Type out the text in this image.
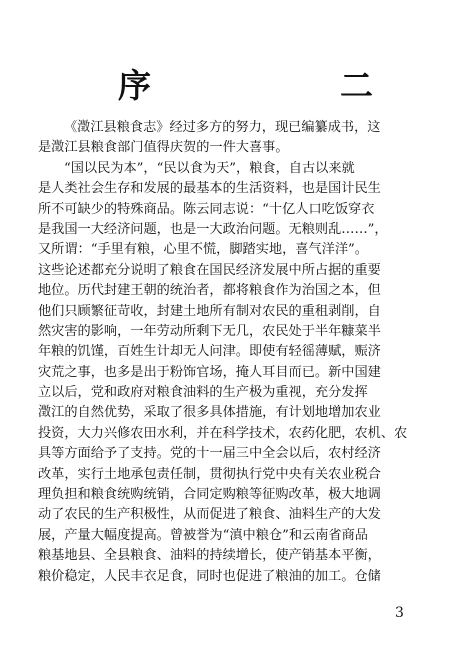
序	二
《澂江县粮食志》经过多方的努力，现已编纂成书，这
是澂江县粮食部门值得庆贺的一件大喜事。
“国以民为本”，“民以食为天”，粮食，自古以来就
是人类社会生存和发展的最基本的生活资料，也是国计民生
所不可缺少的特殊商品。陈云同志说：“十亿人口吃饭穿衣
是我国一大经济问题，也是一大政治问题。无粮则乱……”，
又所谓：“手里有粮，心里不慌，脚踏实地，喜气洋洋”。
这些论述都充分说明了粮食在国民经济发展中所占据的重要
地位。历代封建王朝的统治者，都将粮食作为治国之本，但
他们只顾繁征苛收，封建土地所有制对农民的重租剥削，自
然灾害的影响，一年劳动所剩下无几，农民处于半年糠菜半
年粮的饥馑，百姓生计却无人问津。即使有轻徭薄赋，赈济
灾荒之事，也多是出于粉饰官场，掩人耳目而已。新中国建
立以后，党和政府对粮食油料的生产极为重视，充分发挥
澂江的自然优势，采取了很多具体措施，有计划地增加农业
投资，大力兴修农田水利，并在科学技术，农药化肥，农机、农
具等方面给予了支持。党的十一届三中全会以后，农村经济
改革，实行土地承包责任制，贯彻执行党中央有关农业税合
理负担和粮食统购统销，合同定购粮等征购改革，极大地调
动了农民的生产积极性，从而促进了粮食、油料生产的大发
展，产量大幅度提高。曾被誉为“滇中粮仓”和云南省商品
粮基地县、全县粮食、油料的持续增长，使产销基本平衡，
粮价稳定，人民丰衣足食，同时也促进了粮油的加工。仓储
3
